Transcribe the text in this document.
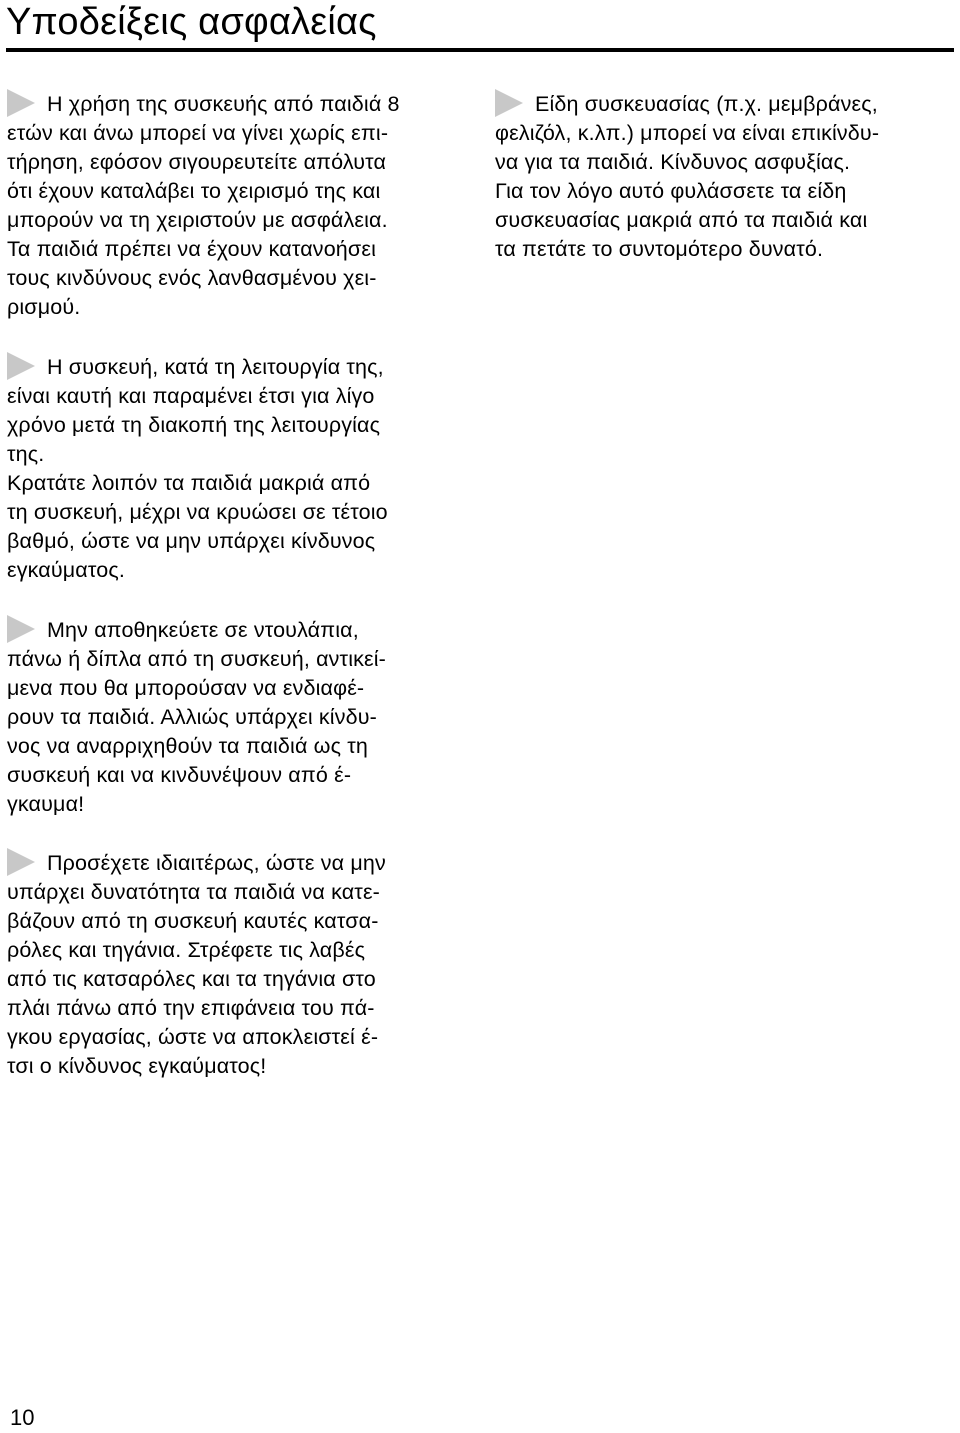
Υποδείξεις ασφαλείας
Η χρήση της συσκευής από παιδιά 8
ετών και άνω μπορεί να γίνει χωρίς επι-
τήρηση, εφόσον σιγουρευτείτε απόλυτα
ότι έχουν καταλάβει το χειρισμό της και
μπορούν να τη χειριστούν με ασφάλεια.
Τα παιδιά πρέπει να έχουν κατανοήσει
τους κινδύνους ενός λανθασμένου χει-
ρισμού.
Η συσκευή, κατά τη λειτουργία της,
είναι καυτή και παραμένει έτσι για λίγο
χρόνο μετά τη διακοπή της λειτουργίας
της.
Κρατάτε λοιπόν τα παιδιά μακριά από
τη συσκευή, μέχρι να κρυώσει σε τέτοιο
βαθμό, ώστε να μην υπάρχει κίνδυνος
εγκαύματος.
Μην αποθηκεύετε σε ντουλάπια,
πάνω ή δίπλα από τη συσκευή, αντικεί-
μενα που θα μπορούσαν να ενδιαφέ-
ρουν τα παιδιά. Αλλιώς υπάρχει κίνδυ-
νος να αναρριχηθούν τα παιδιά ως τη
συσκευή και να κινδυνέψουν από έ-
γκαυμα!
Προσέχετε ιδιαιτέρως, ώστε να μην
υπάρχει δυνατότητα τα παιδιά να κατε-
βάζουν από τη συσκευή καυτές κατσα-
ρόλες και τηγάνια. Στρέφετε τις λαβές
από τις κατσαρόλες και τα τηγάνια στο
πλάι πάνω από την επιφάνεια του πά-
γκου εργασίας, ώστε να αποκλειστεί έ-
τσι ο κίνδυνος εγκαύματος!
Είδη συσκευασίας (π.χ. μεμβράνες,
φελιζόλ, κ.λπ.) μπορεί να είναι επικίνδυ-
να για τα παιδιά. Κίνδυνος ασφυξίας.
Για τον λόγο αυτό φυλάσσετε τα είδη
συσκευασίας μακριά από τα παιδιά και
τα πετάτε το συντομότερο δυνατό.
10
